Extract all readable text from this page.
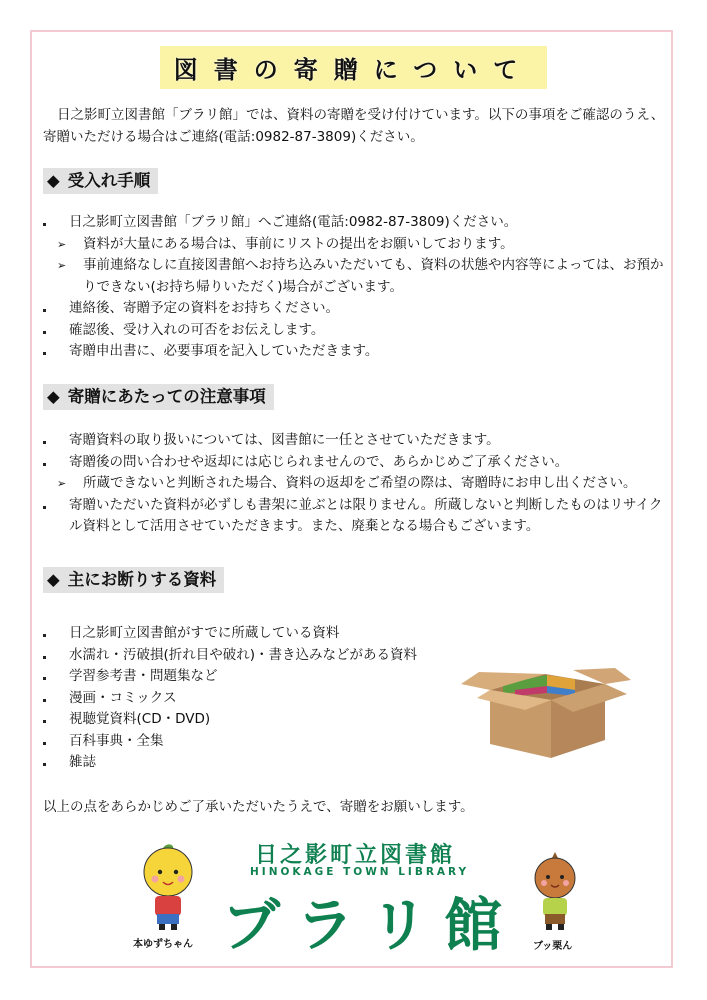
図書の寄贈について
日之影町立図書館「ブラリ館」では、資料の寄贈を受け付けています。以下の事項をご確認のうえ、寄贈いただける場合はご連絡(電話:0982-87-3809)ください。
◆ 受入れ手順
日之影町立図書館「ブラリ館」へご連絡(電話:0982-87-3809)ください。
➢ 資料が大量にある場合は、事前にリストの提出をお願いしております。
➢ 事前連絡なしに直接図書館へお持ち込みいただいても、資料の状態や内容等によっては、お預かりできない(お持ち帰りいただく)場合がございます。
連絡後、寄贈予定の資料をお持ちください。
確認後、受け入れの可否をお伝えします。
寄贈申出書に、必要事項を記入していただきます。
◆ 寄贈にあたっての注意事項
寄贈資料の取り扱いについては、図書館に一任とさせていただきます。
寄贈後の問い合わせや返却には応じられませんので、あらかじめご了承ください。
➢ 所蔵できないと判断された場合、資料の返却をご希望の際は、寄贈時にお申し出ください。
寄贈いただいた資料が必ずしも書架に並ぶとは限りません。所蔵しないと判断したものはリサイクル資料として活用させていただきます。また、廃棄となる場合もございます。
◆ 主にお断りする資料
日之影町立図書館がすでに所蔵している資料
水濡れ・汚破損(折れ目や破れ)・書き込みなどがある資料
学習参考書・問題集など
漫画・コミックス
視聴覚資料(CD・DVD)
百科事典・全集
雑誌
以上の点をあらかじめご了承いただいたうえで、寄贈をお願いします。
本ゆずちゃん	ブッ栗ん
日之影町立図書館
HINOKAGE TOWN LIBRARY
ブラリ館
